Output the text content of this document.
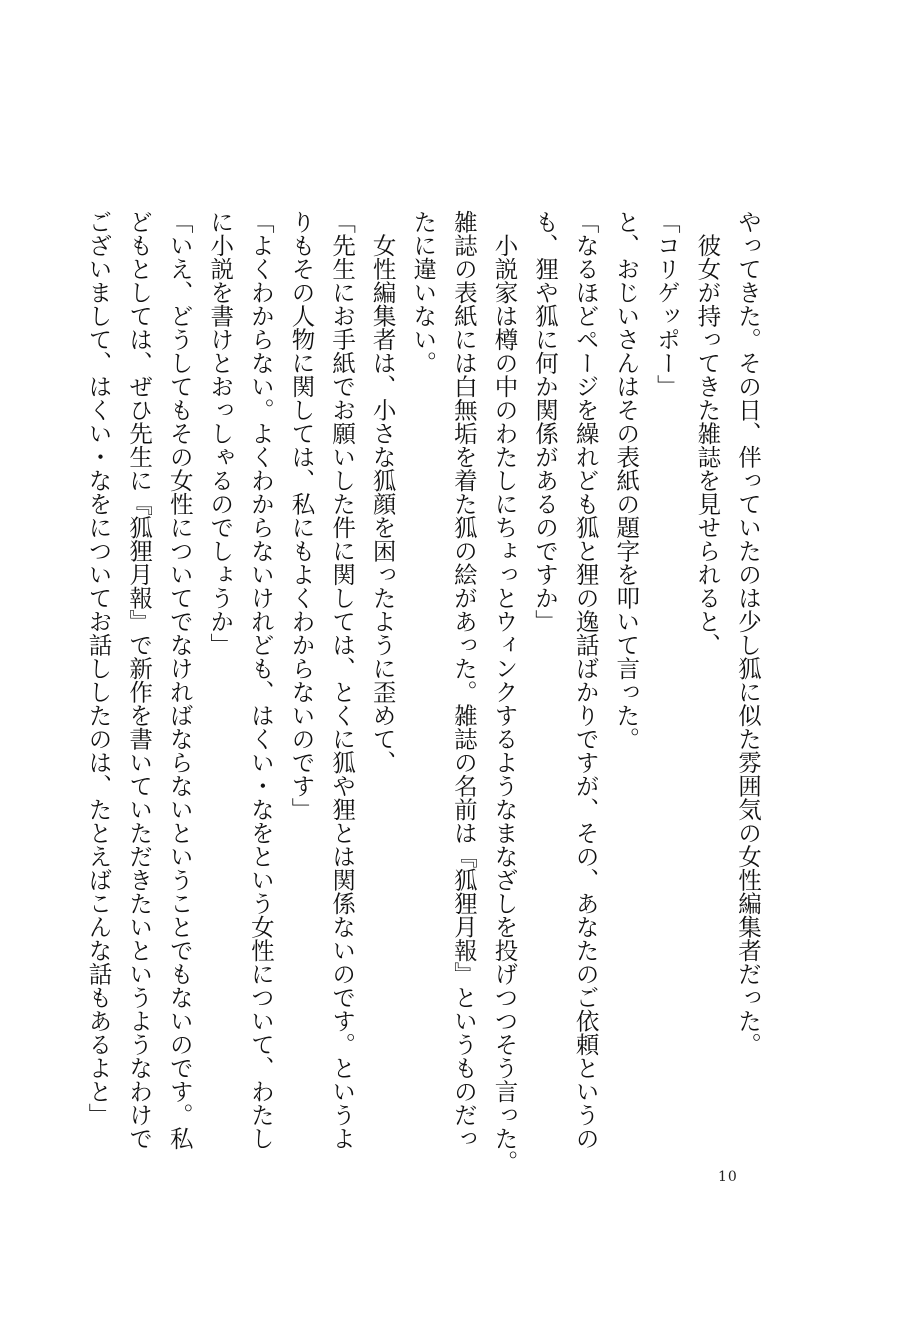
やってきた。その日、伴っていたのは少し狐に似た雰囲気の女性編集者だった。

　彼女が持ってきた雑誌を見せられると、

「コリゲッポー」

と、おじいさんはその表紙の題字を叩いて言った。

「なるほどページを繰れども狐と狸の逸話ばかりですが、その、あなたのご依頼というの

も、狸や狐に何か関係があるのですか」

　小説家は樽の中のわたしにちょっとウィンクするようなまなざしを投げつつそう言った。

雑誌の表紙には白無垢を着た狐の絵があった。雑誌の名前は『狐狸月報』というものだっ

たに違いない。

　女性編集者は、小さな狐顔を困ったように歪めて、

「先生にお手紙でお願いした件に関しては、とくに狐や狸とは関係ないのです。というよ

りもその人物に関しては、私にもよくわからないのです」

「よくわからない。よくわからないけれども、はくい・なをという女性について、わたし

に小説を書けとおっしゃるのでしょうか」

「いえ、どうしてもその女性についてでなければならないということでもないのです。私

どもとしては、ぜひ先生に『狐狸月報』で新作を書いていただきたいというようなわけで

ございまして、はくい・なをについてお話ししたのは、たとえばこんな話もあるよと」

10
